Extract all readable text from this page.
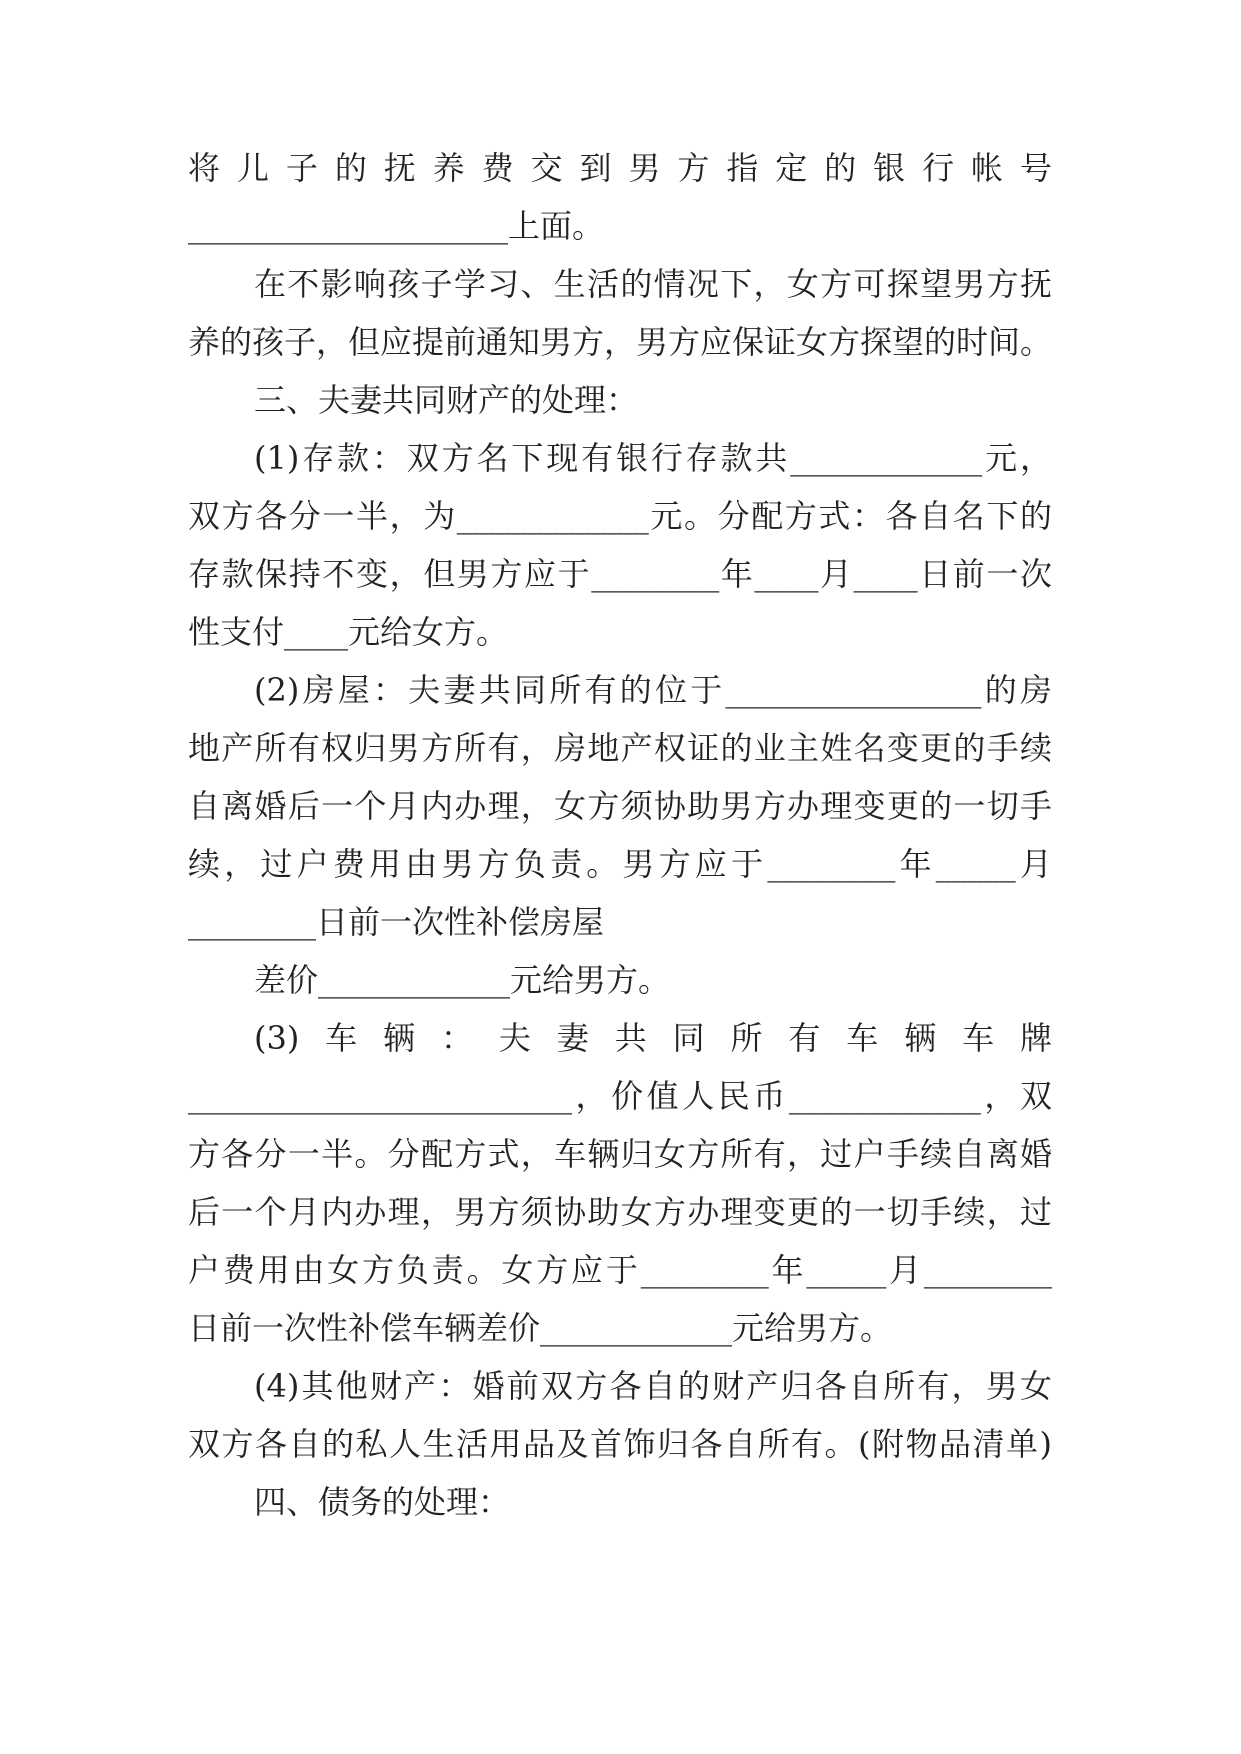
将儿子的抚养费交到男方指定的银行帐号
____________________上面。
在不影响孩子学习、生活的情况下，女方可探望男方抚
养的孩子，但应提前通知男方，男方应保证女方探望的时间。
三、夫妻共同财产的处理：
(1)存款：双方名下现有银行存款共____________元，
双方各分一半，为____________元。分配方式：各自名下的
存款保持不变，但男方应于________年____月____日前一次
性支付____元给女方。
(2)房屋：夫妻共同所有的位于________________的房
地产所有权归男方所有，房地产权证的业主姓名变更的手续
自离婚后一个月内办理，女方须协助男方办理变更的一切手
续，过户费用由男方负责。男方应于________年_____月
________日前一次性补偿房屋
差价____________元给男方。
(3)车辆：夫妻共同所有车辆车牌
________________________，价值人民币____________，双
方各分一半。分配方式，车辆归女方所有，过户手续自离婚
后一个月内办理，男方须协助女方办理变更的一切手续，过
户费用由女方负责。女方应于________年_____月________
日前一次性补偿车辆差价____________元给男方。
(4)其他财产：婚前双方各自的财产归各自所有，男女
双方各自的私人生活用品及首饰归各自所有。(附物品清单)
四、债务的处理：
